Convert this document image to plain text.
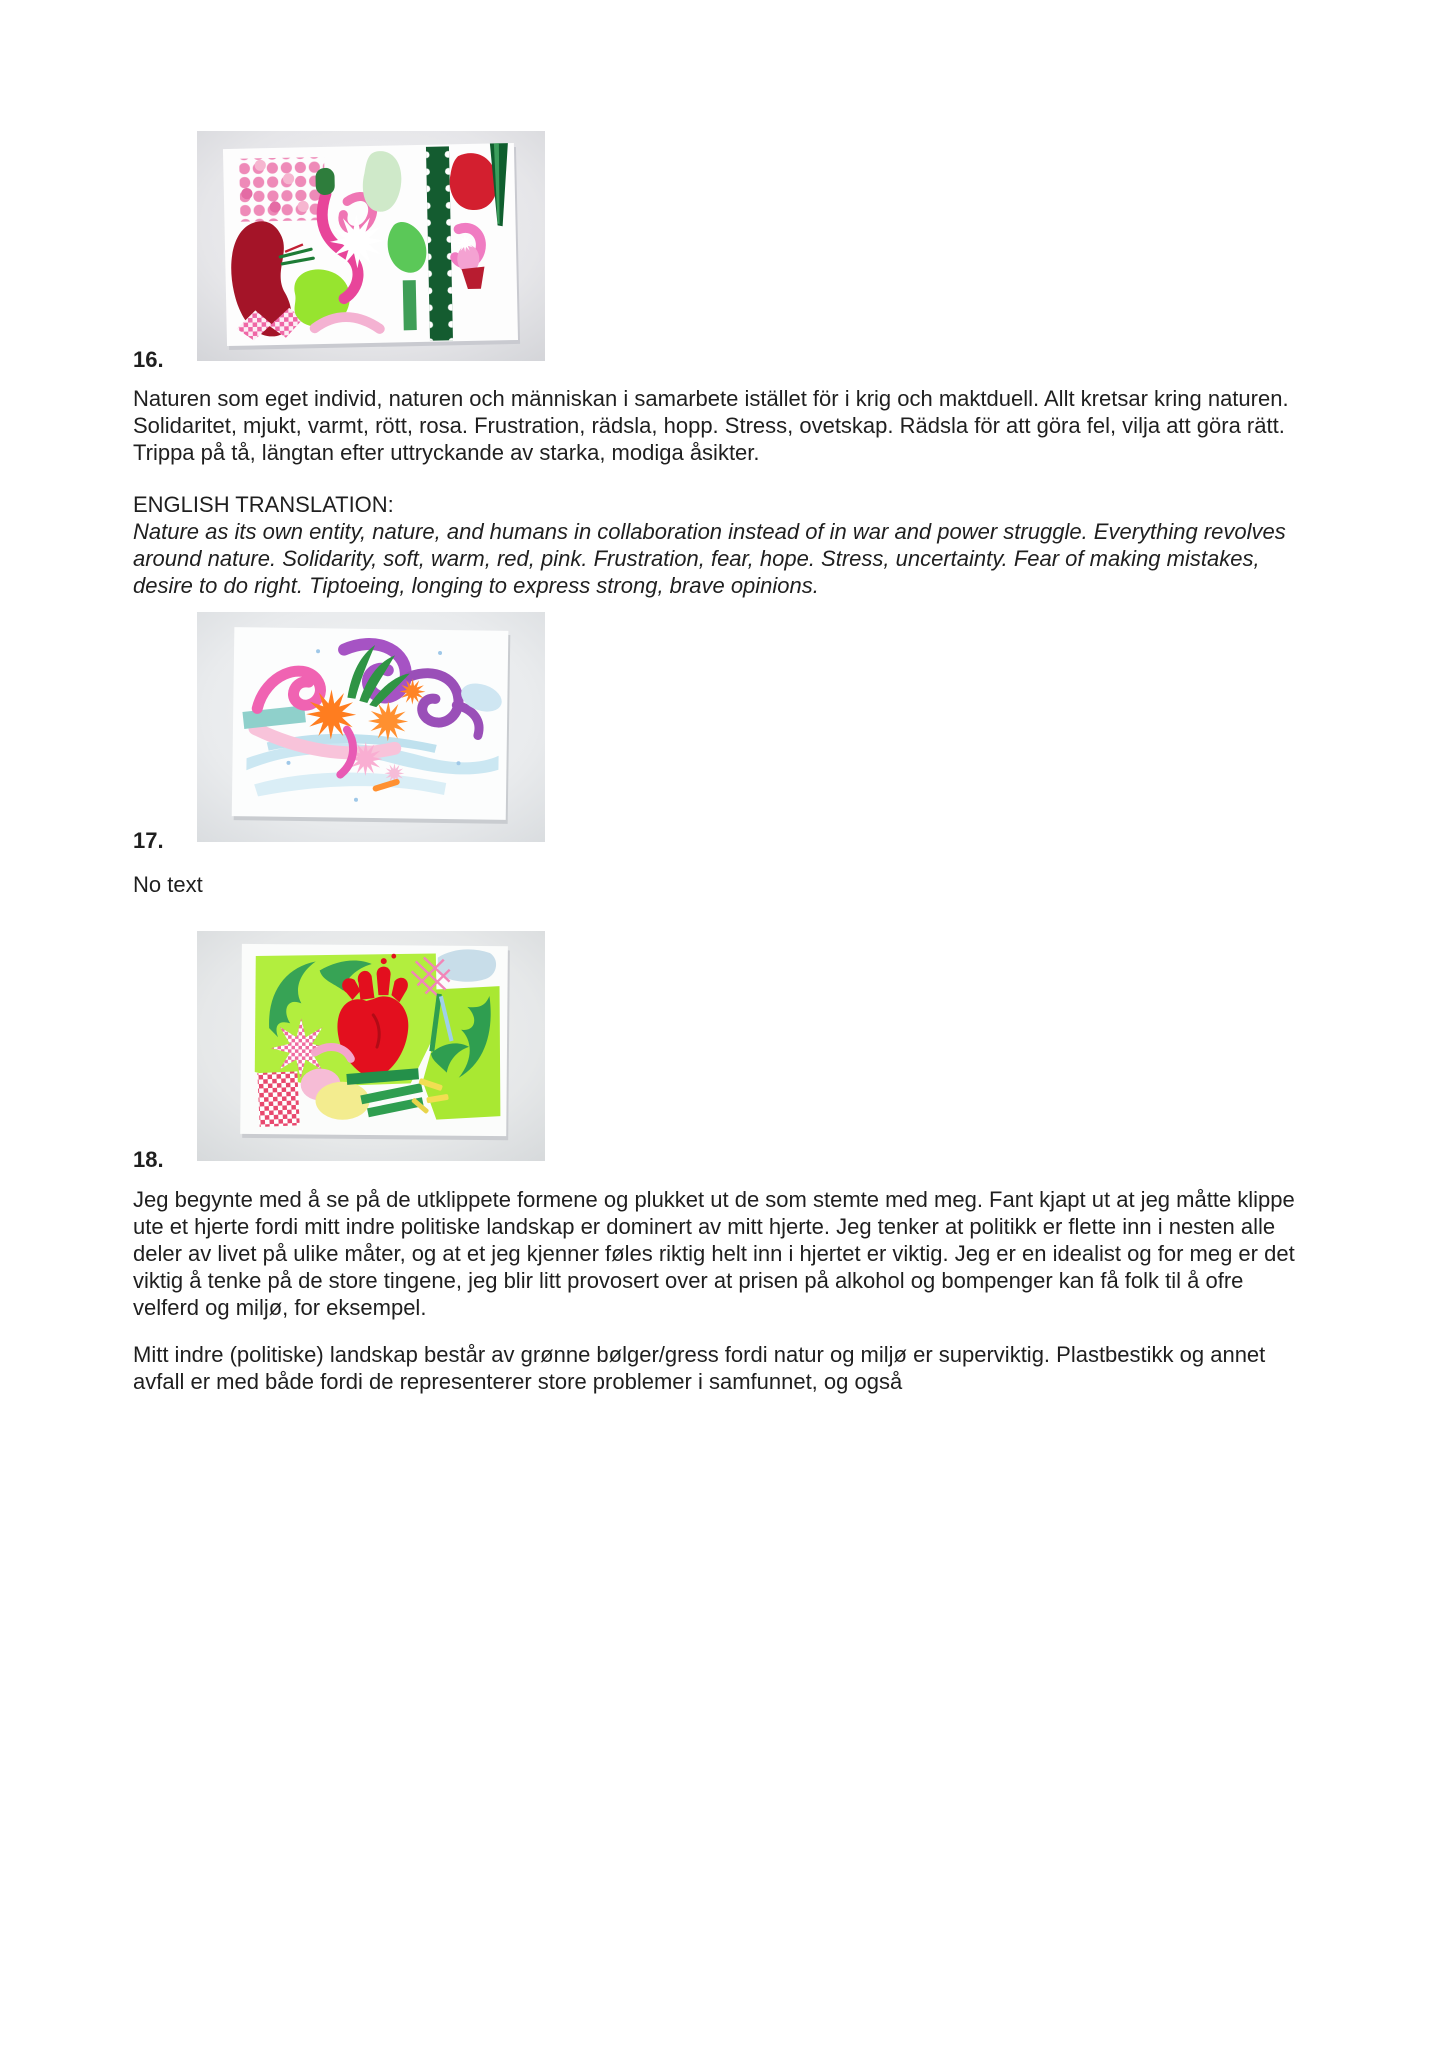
16.

Naturen som eget individ, naturen och människan i samarbete istället för i krig och maktduell. Allt kretsar kring naturen. Solidaritet, mjukt, varmt, rött, rosa. Frustration, rädsla, hopp. Stress, ovetskap. Rädsla för att göra fel, vilja att göra rätt. Trippa på tå, längtan efter uttryckande av starka, modiga åsikter.

ENGLISH TRANSLATION:

Nature as its own entity, nature, and humans in collaboration instead of in war and power struggle. Everything revolves around nature. Solidarity, soft, warm, red, pink. Frustration, fear, hope. Stress, uncertainty. Fear of making mistakes, desire to do right. Tiptoeing, longing to express strong, brave opinions.

17.

No text

18.

Jeg begynte med å se på de utklippete formene og plukket ut de som stemte med meg. Fant kjapt ut at jeg måtte klippe ute et hjerte fordi mitt indre politiske landskap er dominert av mitt hjerte. Jeg tenker at politikk er flette inn i nesten alle deler av livet på ulike måter, og at et jeg kjenner føles riktig helt inn i hjertet er viktig. Jeg er en idealist og for meg er det viktig å tenke på de store tingene, jeg blir litt provosert over at prisen på alkohol og bompenger kan få folk til å ofre velferd og miljø, for eksempel.

Mitt indre (politiske) landskap består av grønne bølger/gress fordi natur og miljø er superviktig. Plastbestikk og annet avfall er med både fordi de representerer store problemer i samfunnet, og også
